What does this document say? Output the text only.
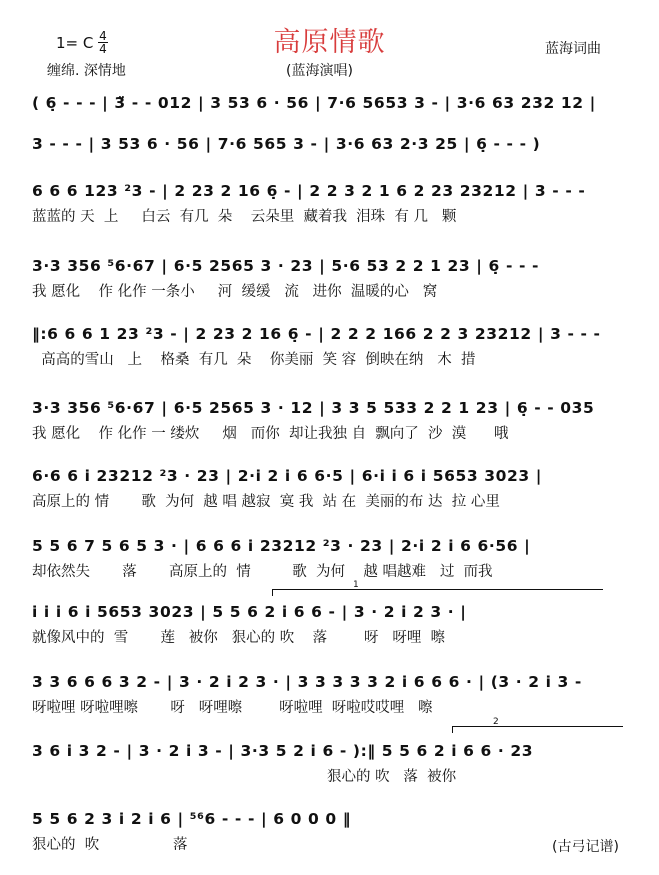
高原情歌
1= C 4
4
缠绵. 深情地	(蓝海演唱)
蓝海词曲
( 6̣ - - - | 3̈ - - 012 | 3 53 6 · 56 | 7·6 5653 3 - | 3·6 63 232 12 |
3 - - - | 3 53 6 · 56 | 7·6 565 3 - | 3·6 63 2·3 25 | 6̣ - - - )
6 6 6 123 ²3 - | 2 23 2 16 6̣ - | 2 2 3 2 1 6 2 23 23212 | 3 - - -
蓝蓝的 天  上     白云  有几  朵    云朵里  藏着我  泪珠  有 几   颗
3·3 356 ⁵6·67 | 6·5 2565 3 · 23 | 5·6 53 2 2 1 23 | 6̣ - - -
我 愿化    作 化作 一条小     河  缓缓   流   进你  温暖的心   窝
‖:6 6 6 1 23 ²3 - | 2 23 2 16 6̣ - | 2 2 2 166 2 2 3 23212 | 3 - - -
高高的雪山   上    格桑  有几  朵    你美丽  笑 容  倒映在纳   木  措
3·3 356 ⁵6·67 | 6·5 2565 3 · 12 | 3 3 5 533 2 2 1 23 | 6̣ - - 035
我 愿化    作 化作 一 缕炊     烟   而你  却让我独 自  飘向了  沙  漠      哦
6·6 6 i 23212 ²3 · 23 | 2·i 2 i 6 6·5 | 6·i i 6 i 5653 3023 |
高原上的 情       歌  为何  越 唱 越寂  寞 我  站 在  美丽的布 达  拉 心里
5 5 6 7 5 6 5 3 · | 6 6 6 i 23212 ²3 · 23 | 2·i 2 i 6 6·56 |
却依然失       落       高原上的  情         歌  为何    越 唱越难   过  而我
1
i i i 6 i 5653 3023 | 5 5 6 2 i 6 6 - | 3 · 2 i 2 3 · |
就像风中的  雪       莲   被你   狠心的 吹    落        呀   呀哩  嚓
3 3 6 6 6 3 2 - | 3 · 2 i 2 3 · | 3 3 3 3 3 2 i 6 6 6 · | (3 · 2 i 3 -
呀啦哩 呀啦哩嚓       呀   呀哩嚓        呀啦哩  呀啦哎哎哩   嚓
2
3 6 i 3 2 - | 3 · 2 i 3 - | 3·3 5 2 i 6 - ):‖ 5 5 6 2 i 6 6 · 23
狠心的 吹   落  被你
5 5 6 2 3 i 2 i 6 | ⁵⁶6 - - - | 6 0 0 0 ‖
狠心的  吹                落	(古弓记谱)
